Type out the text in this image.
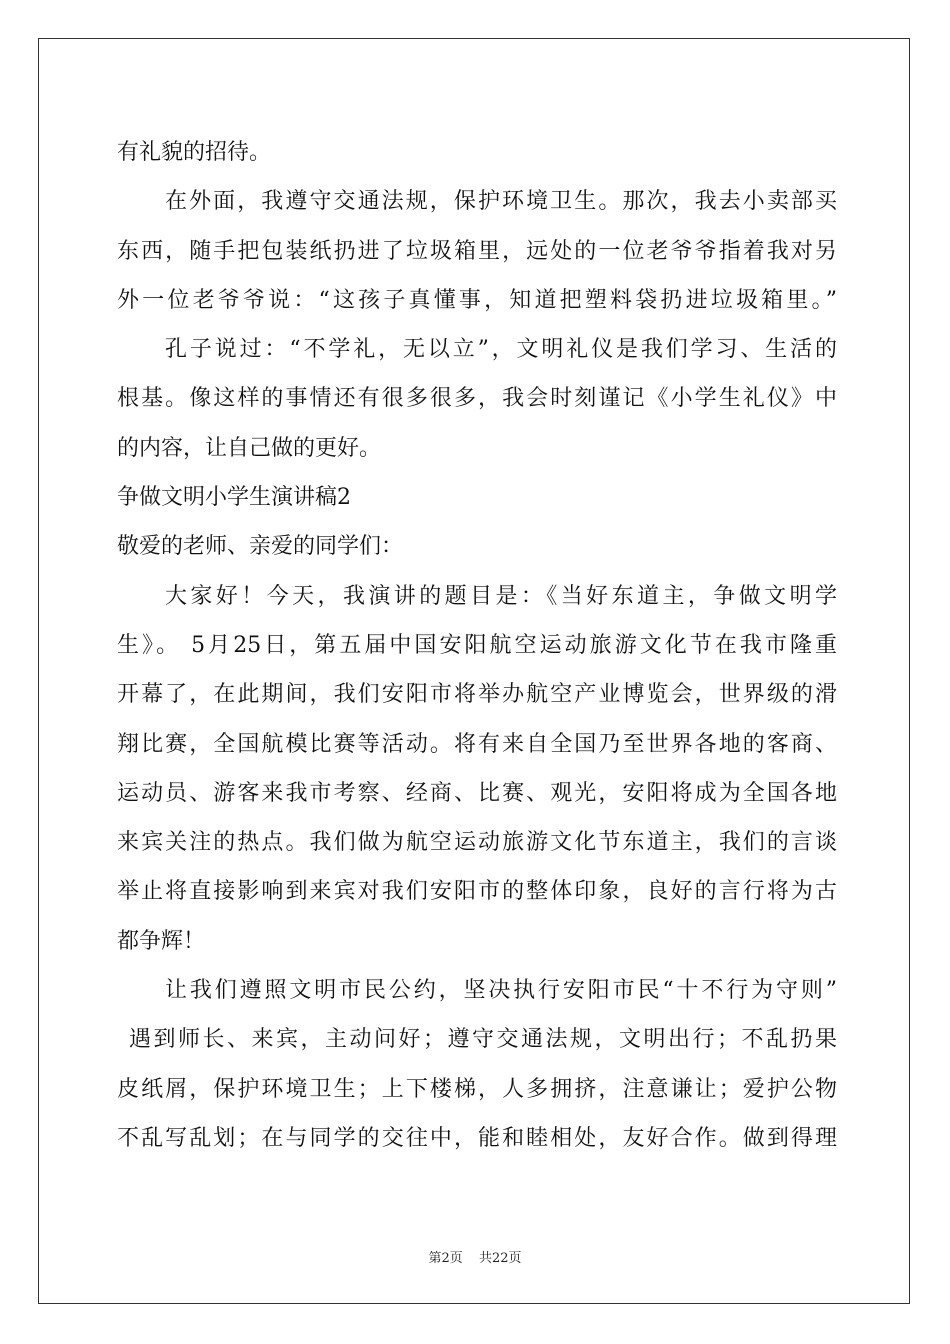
有礼貌的招待。
在外面，我遵守交通法规，保护环境卫生。那次，我去小卖部买
东西，随手把包装纸扔进了垃圾箱里，远处的一位老爷爷指着我对另
外一位老爷爷说：“这孩子真懂事，知道把塑料袋扔进垃圾箱里。”
孔子说过：“不学礼，无以立”，文明礼仪是我们学习、生活的
根基。像这样的事情还有很多很多，我会时刻谨记《小学生礼仪》中
的内容，让自己做的更好。
争做文明小学生演讲稿2
敬爱的老师、亲爱的同学们：
大家好！今天，我演讲的题目是：《当好东道主，争做文明学
生》。 5月25日，第五届中国安阳航空运动旅游文化节在我市隆重
开幕了，在此期间，我们安阳市将举办航空产业博览会，世界级的滑
翔比赛，全国航模比赛等活动。将有来自全国乃至世界各地的客商、
运动员、游客来我市考察、经商、比赛、观光，安阳将成为全国各地
来宾关注的热点。我们做为航空运动旅游文化节东道主，我们的言谈
举止将直接影响到来宾对我们安阳市的整体印象，良好的言行将为古
都争辉！
让我们遵照文明市民公约，坚决执行安阳市民“十不行为守则”
遇到师长、来宾，主动问好；遵守交通法规，文明出行；不乱扔果
皮纸屑，保护环境卫生；上下楼梯，人多拥挤，注意谦让；爱护公物
不乱写乱划；在与同学的交往中，能和睦相处，友好合作。做到得理
第2页 共22页
